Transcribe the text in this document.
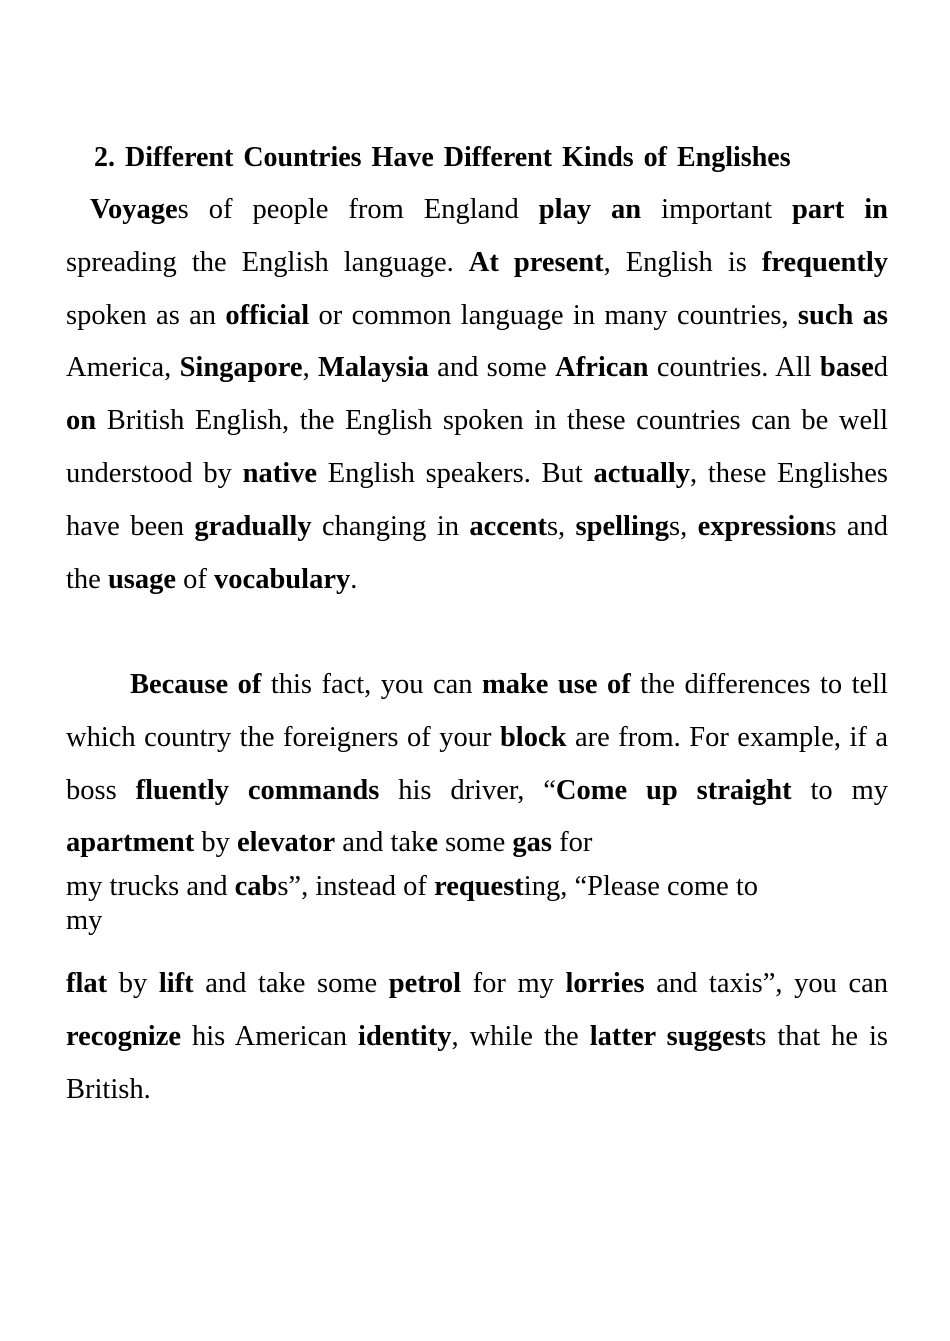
2. Different Countries Have Different Kinds of Englishes

Voyages of people from England play an important part in spreading the English language. At present, English is frequently spoken as an official or common language in many countries, such as America, Singapore, Malaysia and some African countries. All based on British English, the English spoken in these countries can be well understood by native English speakers. But actually, these Englishes have been gradually changing in accents, spellings, expressions and the usage of vocabulary.

Because of this fact, you can make use of the differences to tell which country the foreigners of your block are from. For example, if a boss fluently commands his driver, “Come up straight to my apartment by elevator and take some gas for

my trucks and cabs”, instead of requesting, “Please come to
my

flat by lift and take some petrol for my lorries and taxis”, you can recognize his American identity, while the latter suggests that he is British.
